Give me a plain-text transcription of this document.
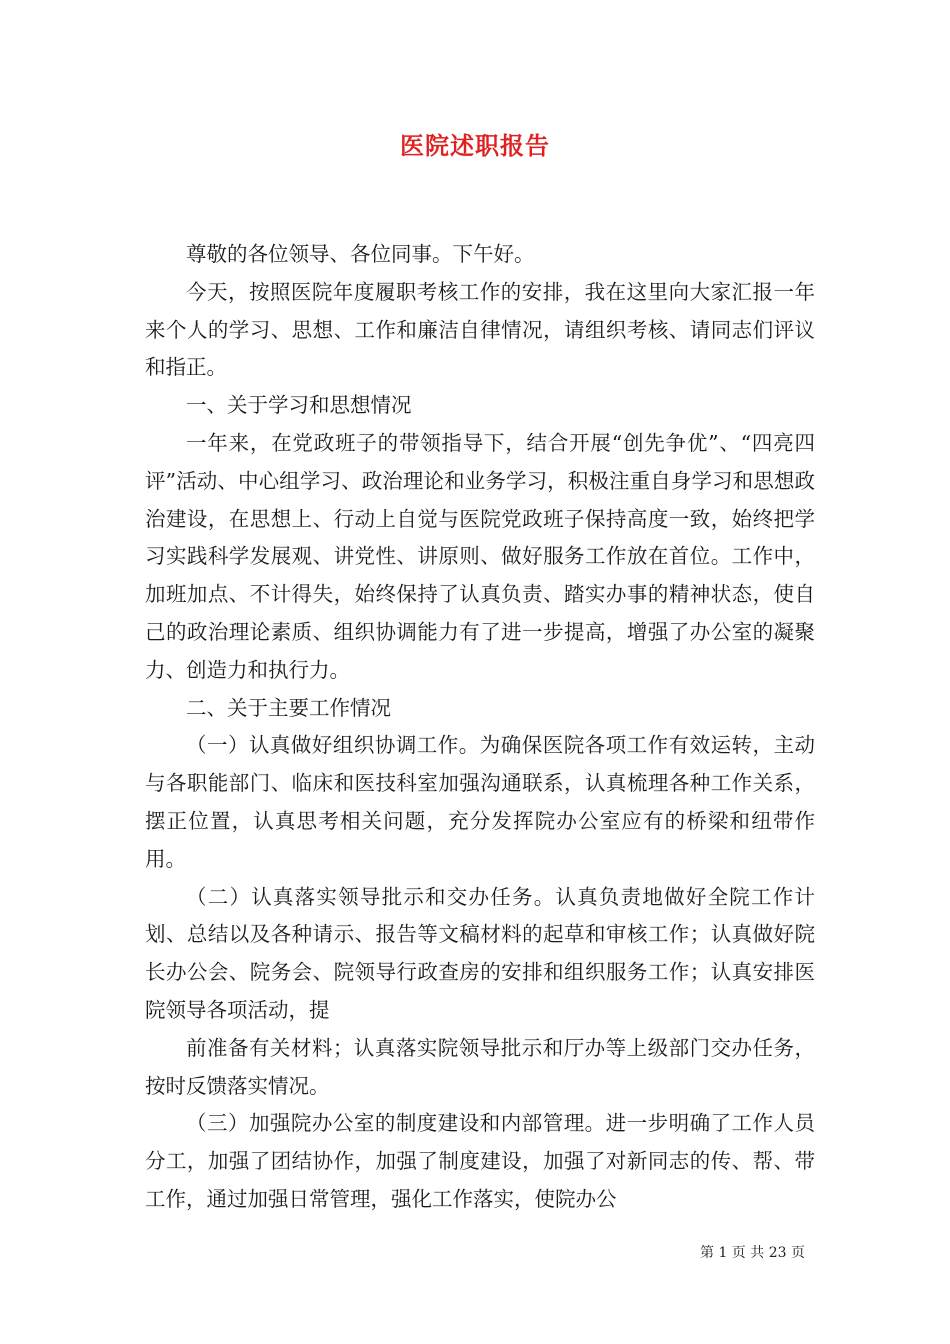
医院述职报告

尊敬的各位领导、各位同事。下午好。

今天，按照医院年度履职考核工作的安排，我在这里向大家汇报一年来个人的学习、思想、工作和廉洁自律情况，请组织考核、请同志们评议和指正。

一、关于学习和思想情况

一年来，在党政班子的带领指导下，结合开展“创先争优”、“四亮四评”活动、中心组学习、政治理论和业务学习，积极注重自身学习和思想政治建设，在思想上、行动上自觉与医院党政班子保持高度一致，始终把学习实践科学发展观、讲党性、讲原则、做好服务工作放在首位。工作中，加班加点、不计得失，始终保持了认真负责、踏实办事的精神状态，使自己的政治理论素质、组织协调能力有了进一步提高，增强了办公室的凝聚力、创造力和执行力。

二、关于主要工作情况

（一）认真做好组织协调工作。为确保医院各项工作有效运转，主动与各职能部门、临床和医技科室加强沟通联系，认真梳理各种工作关系，摆正位置，认真思考相关问题，充分发挥院办公室应有的桥梁和纽带作用。

（二）认真落实领导批示和交办任务。认真负责地做好全院工作计划、总结以及各种请示、报告等文稿材料的起草和审核工作；认真做好院长办公会、院务会、院领导行政查房的安排和组织服务工作；认真安排医院领导各项活动，提

前准备有关材料；认真落实院领导批示和厅办等上级部门交办任务，按时反馈落实情况。

（三）加强院办公室的制度建设和内部管理。进一步明确了工作人员分工，加强了团结协作，加强了制度建设，加强了对新同志的传、帮、带工作，通过加强日常管理，强化工作落实，使院办公

第 1 页 共 23 页
